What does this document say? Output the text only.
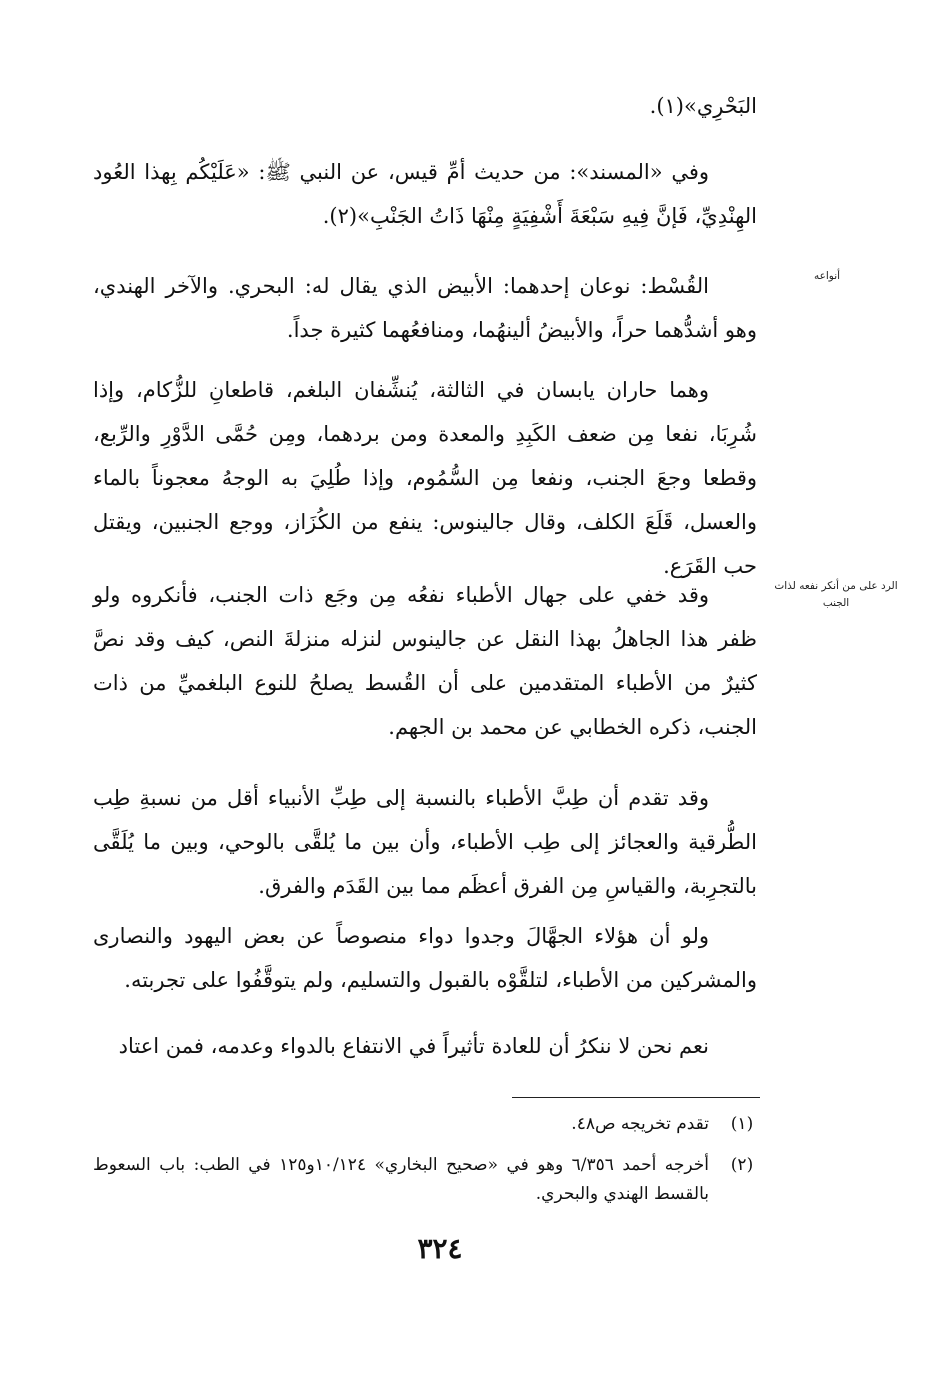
البَحْرِي»(١).

وفي «المسند»: من حديث أمِّ قيس، عن النبي ﷺ: «عَلَيْكُم بِهذا العُود الهِنْدِيِّ، فَإنَّ فِيهِ سَبْعَةَ أَشْفِيَةٍ مِنْهَا ذَاتُ الجَنْبِ»(٢).

أنواعه

القُسْط: نوعان إحدهما: الأبيض الذي يقال له: البحري. والآخر الهندي، وهو أشدُّهما حراً، والأبيضُ ألينهُما، ومنافعُهما كثيرة جداً.

وهما حاران يابسان في الثالثة، يُنشِّفان البلغم، قاطعانِ للزُّكام، وإذا شُرِبَا، نفعا مِن ضعف الكَبِدِ والمعدة ومن بردهما، ومِن حُمَّى الدَّوْرِ والرِّبع، وقطعا وجعَ الجنب، ونفعا مِن السُّمُوم، وإذا طُلِيَ به الوجهُ معجوناً بالماء والعسل، قَلَعَ الكلف، وقال جالينوس: ينفع من الكُزَاز، ووجع الجنبين، ويقتل حب القَرَع.

الرد على من أنكر نفعه لذات الجنب

وقد خفي على جهال الأطباء نفعُه مِن وجَع ذات الجنب، فأنكروه ولو ظفر هذا الجاهلُ بهذا النقل عن جالينوس لنزله منزلةَ النص، كيف وقد نصَّ كثيرٌ من الأطباء المتقدمين على أن القُسط يصلحُ للنوع البلغميِّ من ذات الجنب، ذكره الخطابي عن محمد بن الجهم.

وقد تقدم أن طِبَّ الأطباء بالنسبة إلى طِبِّ الأنبياء أقل من نسبةِ طِب الطُّرقية والعجائز إلى طِب الأطباء، وأن بين ما يُلقَّى بالوحي، وبين ما يُلَقَّى بالتجرِبة، والقياسِ مِن الفرق أعظَم مما بين القَدَم والفرق.

ولو أن هؤلاء الجهَّالَ وجدوا دواء منصوصاً عن بعض اليهود والنصارى والمشركين من الأطباء، لتلقَّوْه بالقبول والتسليم، ولم يتوقَّفُوا على تجربته.

نعم نحن لا ننكرُ أن للعادة تأثيراً في الانتفاع بالدواء وعدمه، فمن اعتاد

(١)
تقدم تخريجه ص٤٨.
(٢)
أخرجه أحمد ٦/٣٥٦ وهو في «صحيح البخاري» ١٠/١٢٤و١٢٥ في الطب: باب السعوط بالقسط الهندي والبحري.
٣٢٤
